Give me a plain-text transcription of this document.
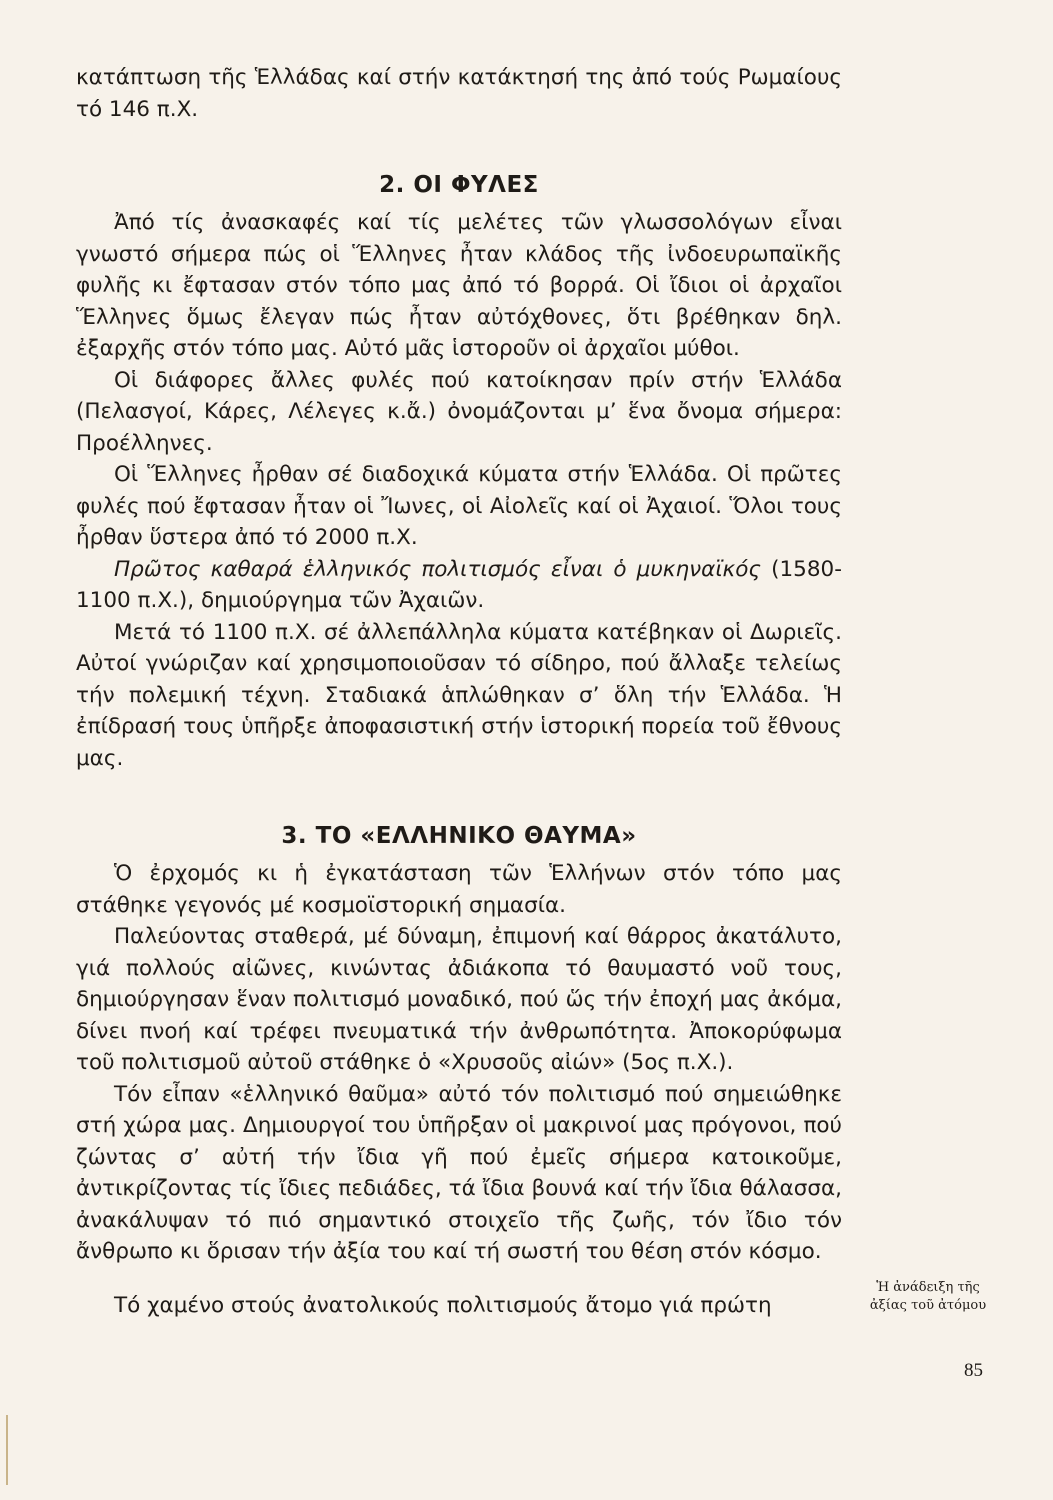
κατάπτωση τῆς Ἑλλάδας καί στήν κατάκτησή της ἀπό τούς Ρωμαίους τό 146 π.Χ.

2. ΟΙ ΦΥΛΕΣ

Ἀπό τίς ἀνασκαφές καί τίς μελέτες τῶν γλωσσολόγων εἶναι γνωστό σήμερα πώς οἱ Ἕλληνες ἦταν κλάδος τῆς ἰνδοευρωπαϊκῆς φυλῆς κι ἔφτασαν στόν τόπο μας ἀπό τό βορρά. Οἱ ἴδιοι οἱ ἀρχαῖοι Ἕλληνες ὅμως ἔλεγαν πώς ἦταν αὐτόχθονες, ὅτι βρέθηκαν δηλ. ἐξαρχῆς στόν τόπο μας. Αὐτό μᾶς ἱστοροῦν οἱ ἀρχαῖοι μύθοι.

Οἱ διάφορες ἄλλες φυλές πού κατοίκησαν πρίν στήν Ἑλλάδα (Πελασγοί, Κάρες, Λέλεγες κ.ἄ.) ὀνομάζονται μ’ ἕνα ὄνομα σήμερα: Προέλληνες.

Οἱ Ἕλληνες ἦρθαν σέ διαδοχικά κύματα στήν Ἑλλάδα. Οἱ πρῶτες φυλές πού ἔφτασαν ἦταν οἱ Ἴωνες, οἱ Αἰολεῖς καί οἱ Ἀχαιοί. Ὅλοι τους ἦρθαν ὕστερα ἀπό τό 2000 π.Χ.

Πρῶτος καθαρά ἑλληνικός πολιτισμός εἶναι ὁ μυκηναϊκός (1580-1100 π.Χ.), δημιούργημα τῶν Ἀχαιῶν.

Μετά τό 1100 π.Χ. σέ ἀλλεπάλληλα κύματα κατέβηκαν οἱ Δωριεῖς. Αὐτοί γνώριζαν καί χρησιμοποιοῦσαν τό σίδηρο, πού ἄλλαξε τελείως τήν πολεμική τέχνη. Σταδιακά ἁπλώθηκαν σ’ ὅλη τήν Ἑλλάδα. Ἡ ἐπίδρασή τους ὑπῆρξε ἀποφασιστική στήν ἱστορική πορεία τοῦ ἔθνους μας.

3. ΤΟ «ΕΛΛΗΝΙΚΟ ΘΑΥΜΑ»

Ὁ ἐρχομός κι ἡ ἐγκατάσταση τῶν Ἑλλήνων στόν τόπο μας στάθηκε γεγονός μέ κοσμοϊστορική σημασία.

Παλεύοντας σταθερά, μέ δύναμη, ἐπιμονή καί θάρρος ἀκατάλυτο, γιά πολλούς αἰῶνες, κινώντας ἀδιάκοπα τό θαυμαστό νοῦ τους, δημιούργησαν ἕναν πολιτισμό μοναδικό, πού ὥς τήν ἐποχή μας ἀκόμα, δίνει πνοή καί τρέφει πνευματικά τήν ἀνθρωπότητα. Ἀποκορύφωμα τοῦ πολιτισμοῦ αὐτοῦ στάθηκε ὁ «Χρυσοῦς αἰών» (5ος π.Χ.).

Τόν εἶπαν «ἑλληνικό θαῦμα» αὐτό τόν πολιτισμό πού σημειώθηκε στή χώρα μας. Δημιουργοί του ὑπῆρξαν οἱ μακρινοί μας πρόγονοι, πού ζώντας σ’ αὐτή τήν ἴδια γῆ πού ἐμεῖς σήμερα κατοικοῦμε, ἀντικρίζοντας τίς ἴδιες πεδιάδες, τά ἴδια βουνά καί τήν ἴδια θάλασσα, ἀνακάλυψαν τό πιό σημαντικό στοιχεῖο τῆς ζωῆς, τόν ἴδιο τόν ἄνθρωπο κι ὅρισαν τήν ἀξία του καί τή σωστή του θέση στόν κόσμο.

Τό χαμένο στούς ἀνατολικούς πολιτισμούς ἄτομο γιά πρώτη

Ἡ ἀνάδειξη τῆς
ἀξίας τοῦ ἀτόμου
85
